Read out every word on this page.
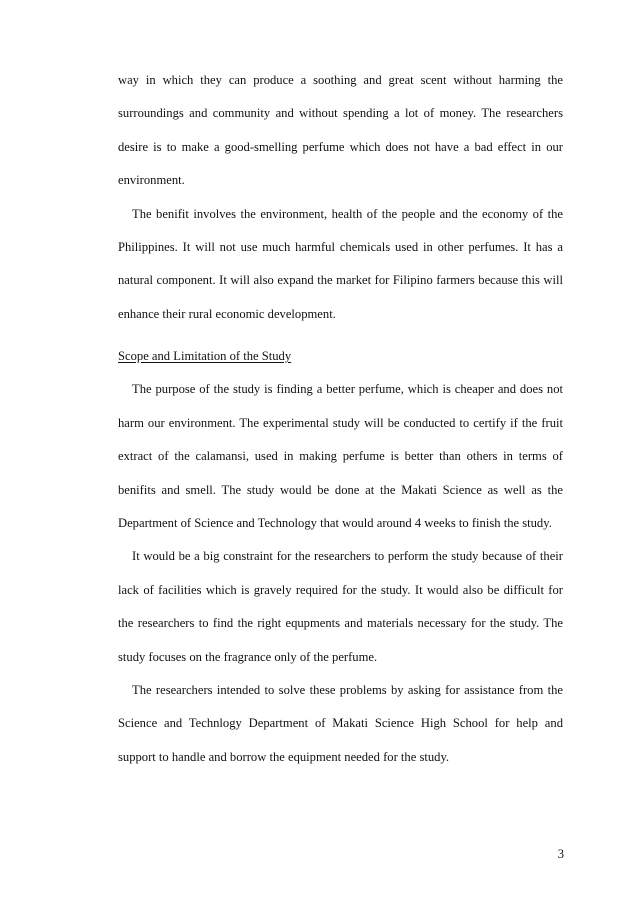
way in which they can produce a soothing and great scent without harming the surroundings and community and without spending a lot of money. The researchers desire is to make a good-smelling perfume which does not have a bad effect in our environment.

The benifit involves the environment, health of the people and the economy of the Philippines. It will not use much harmful chemicals used in other perfumes. It has a natural component. It will also expand the market for Filipino farmers because this will enhance their rural economic development.

Scope and Limitation of the Study

The purpose of the study is finding a better perfume, which is cheaper and does not harm our environment. The experimental study will be conducted to certify if the fruit extract of the calamansi, used in making perfume is better than others in terms of benifits and smell. The study would be done at the Makati Science as well as the Department of Science and Technology that would around 4 weeks to finish the study.

It would be a big constraint for the researchers to perform the study because of their lack of facilities which is gravely required for the study. It would also be difficult for the researchers to find the right equpments and materials necessary for the study. The study focuses on the fragrance only of the perfume.

The researchers intended to solve these problems by asking for assistance from the Science and Technlogy Department of Makati Science High School for help and support to handle and borrow the equipment needed for the study.

3
